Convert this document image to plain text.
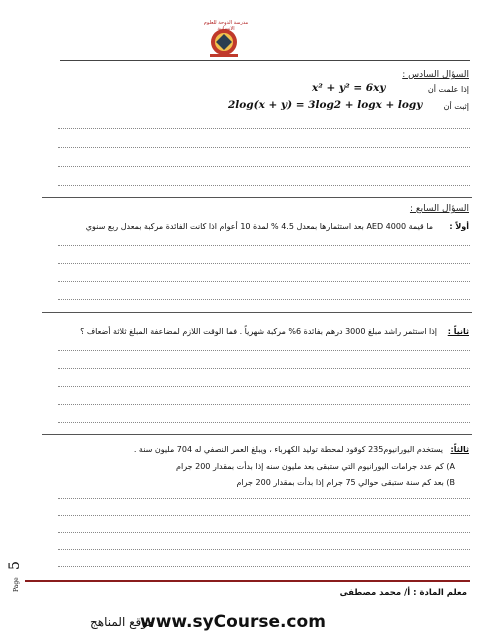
مدرسة الدوحة للعلوم الانسانية
السؤال السادس :
إذا علمت أن
x² + y² = 6xy
إثبت أن
2log(x + y) = 3log2 + logx + logy
السؤال السابع :
أولاً :
ما قيمة 4000 AED بعد استثمارها بمعدل 4.5 % لمدة 10 أعوام اذا كانت الفائدة مركبة بمعدل ربع سنوي
ثانياً :
إذا استثمر راشد مبلغ 3000 درهم بفائدة 6% مركبة شهرياً . فما الوقت اللازم لمضاعفة المبلغ ثلاثة أضعاف ؟
ثالثاً:
يستخدم اليورانيوم235 كوقود لمحطة توليد الكهرباء ، ويبلغ العمر النصفي له 704 مليون سنة .
A) كم عدد جرامات اليورانيوم التي ستبقى بعد مليون سنه إذا بدأت بمقدار 200 جرام
B) بعد كم سنة ستبقى حوالي 75 جرام إذا بدأت بمقدار 200 جرام
5
Page
معلم المادة : أ/ محمد مصطفى
موقع المناهج
www.syCourse.com
